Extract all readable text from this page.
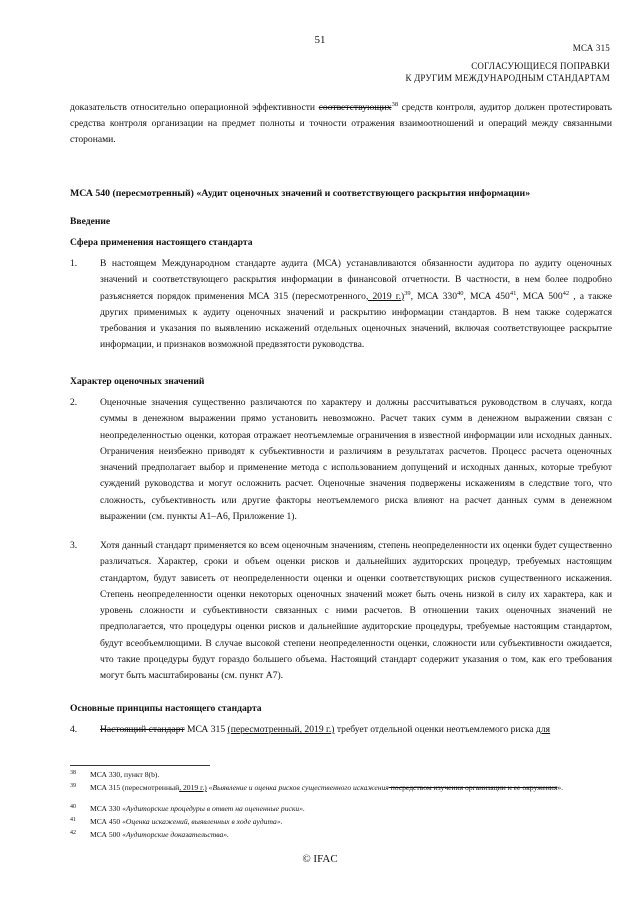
51
МСА 315
СОГЛАСУЮЩИЕСЯ ПОПРАВКИ
К ДРУГИМ МЕЖДУНАРОДНЫМ СТАНДАРТАМ
доказательств относительно операционной эффективности соответствующих$^{38}$ средств контроля, аудитор должен протестировать средства контроля организации на предмет полноты и точности отражения взаимоотношений и операций между связанными сторонами.
МСА 540 (пересмотренный) «Аудит оценочных значений и соответствующего раскрытия информации»
Введение
Сфера применения настоящего стандарта
1.	В настоящем Международном стандарте аудита (МСА) устанавливаются обязанности аудитора по аудиту оценочных значений и соответствующего раскрытия информации в финансовой отчетности. В частности, в нем более подробно разъясняется порядок применения МСА 315 (пересмотренного, 2019 г.)$^{39}$, МСА $330^{40}$, МСА $450^{41}$, МСА $500^{42}$ , а также других применимых к аудиту оценочных значений и раскрытию информации стандартов. В нем также содержатся требования и указания по выявлению искажений отдельных оценочных значений, включая соответствующее раскрытие информации, и признаков возможной предвзятости руководства.
Характер оценочных значений
2.	Оценочные значения существенно различаются по характеру и должны рассчитываться руководством в случаях, когда суммы в денежном выражении прямо установить невозможно. Расчет таких сумм в денежном выражении связан с неопределенностью оценки, которая отражает неотъемлемые ограничения в известной информации или исходных данных. Ограничения неизбежно приводят к субъективности и различиям в результатах расчетов. Процесс расчета оценочных значений предполагает выбор и применение метода с использованием допущений и исходных данных, которые требуют суждений руководства и могут осложнить расчет. Оценочные значения подвержены искажениям в следствие того, что сложность, субъективность или другие факторы неотъемлемого риска влияют на расчет данных сумм в денежном выражении (см. пункты А1–А6, Приложение 1).
3.	Хотя данный стандарт применяется ко всем оценочным значениям, степень неопределенности их оценки будет существенно различаться. Характер, сроки и объем оценки рисков и дальнейших аудиторских процедур, требуемых настоящим стандартом, будут зависеть от неопределенности оценки и оценки соответствующих рисков существенного искажения. Степень неопределенности оценки некоторых оценочных значений может быть очень низкой в силу их характера, как и уровень сложности и субъективности связанных с ними расчетов. В отношении таких оценочных значений не предполагается, что процедуры оценки рисков и дальнейшие аудиторские процедуры, требуемые настоящим стандартом, будут всеобъемлющими. В случае высокой степени неопределенности оценки, сложности или субъективности ожидается, что такие процедуры будут гораздо большего объема. Настоящий стандарт содержит указания о том, как его требования могут быть масштабированы (см. пункт А7).
Основные принципы настоящего стандарта
4.	Настоящий стандарт МСА 315 (пересмотренный, 2019 г.) требует отдельной оценки неотъемлемого риска для
38 МСА 330, пункт 8(b).
39 МСА 315 (пересмотренный, 2019 г.) «Выявление и оценка рисков существенного искажения посредством изучения организации и ее окружения».
40 МСА 330 «Аудиторские процедуры в ответ на оцененные риски».
41 МСА 450 «Оценка искажений, выявленных в ходе аудита».
42 МСА 500 «Аудиторские доказательства».
© IFAC
